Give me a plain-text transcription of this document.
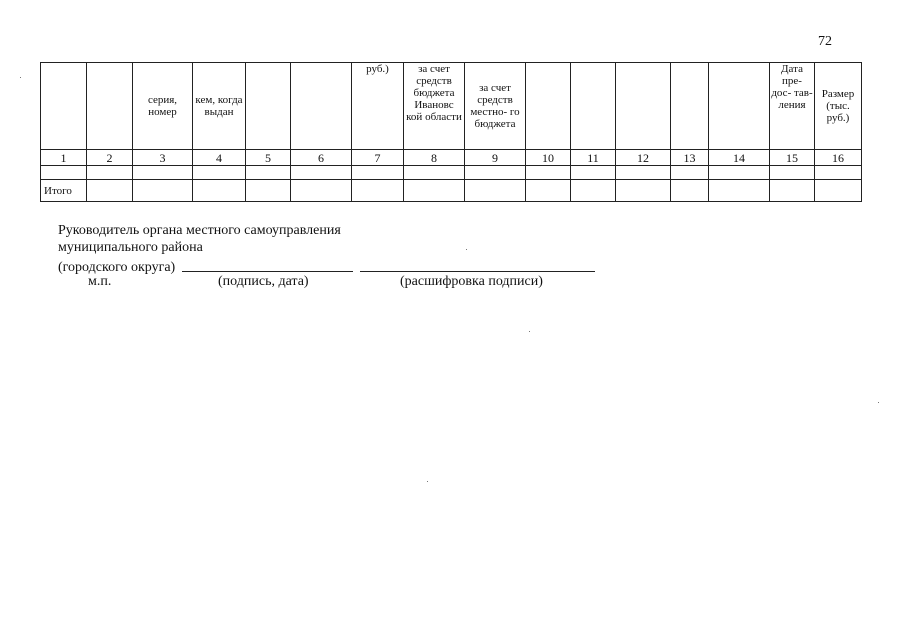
72
		серия, номер	кем, когда выдан			руб.)	за счет средств бюджета Ивановс кой области	за счет средств местно- го бюджета						Дата пре- дос- тав- ления	Размер (тыс. руб.)
1	2	3	4	5	6	7	8	9	10	11	12	13	14	15	16

Итого															
Руководитель органа местного самоуправления
муниципального района
(городского округа)
м.п.	(подпись, дата)	(расшифровка подписи)
